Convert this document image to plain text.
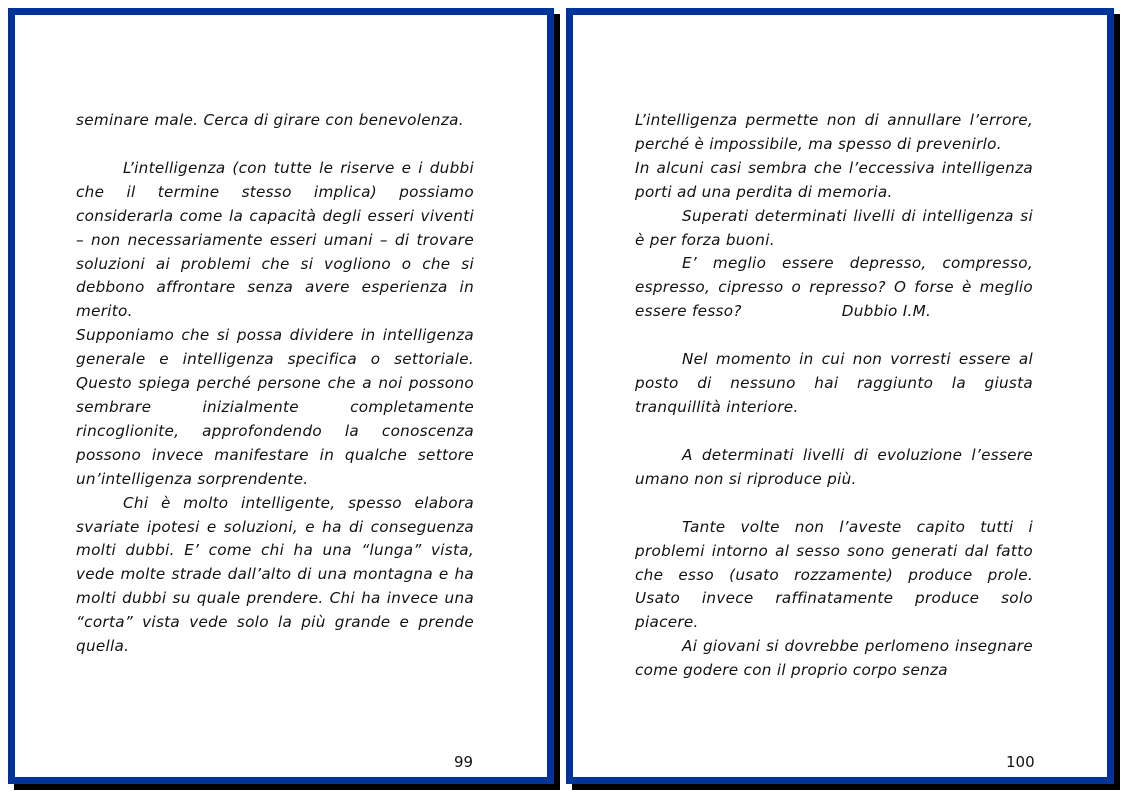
seminare male. Cerca di girare con benevolenza.

L’intelligenza (con tutte le riserve e i dubbi che il termine stesso implica) possiamo considerarla come la capacità degli esseri viventi – non necessariamente esseri umani – di trovare soluzioni ai problemi che si vogliono o che si debbono affrontare senza avere esperienza in merito.

Supponiamo che si possa dividere in intelligenza generale e intelligenza specifica o settoriale. Questo spiega perché persone che a noi possono sembrare inizialmente completamente rincoglionite, approfondendo la conoscenza possono invece manifestare in qualche settore un’intelligenza sorprendente.

Chi è molto intelligente, spesso elabora svariate ipotesi e soluzioni, e ha di conseguenza molti dubbi. E’ come chi ha una “lunga” vista, vede molte strade dall’alto di una montagna e ha molti dubbi su quale prendere. Chi ha invece una “corta” vista vede solo la più grande e prende quella.

99

L’intelligenza permette non di annullare l’errore, perché è impossibile, ma spesso di prevenirlo.

In alcuni casi sembra che l’eccessiva intelligenza porti ad una perdita di memoria.

Superati determinati livelli di intelligenza si è per forza buoni.

E’ meglio essere depresso, compresso, espresso, cipresso o represso? O forse è meglio essere fesso?	Dubbio I.M.

Nel momento in cui non vorresti essere al posto di nessuno hai raggiunto la giusta tranquillità interiore.

A determinati livelli di evoluzione l’essere umano non si riproduce più.

Tante volte non l’aveste capito tutti i problemi intorno al sesso sono generati dal fatto che esso (usato rozzamente) produce prole. Usato invece raffinatamente produce solo piacere.

Ai giovani si dovrebbe perlomeno insegnare come godere con il proprio corpo senza

100
